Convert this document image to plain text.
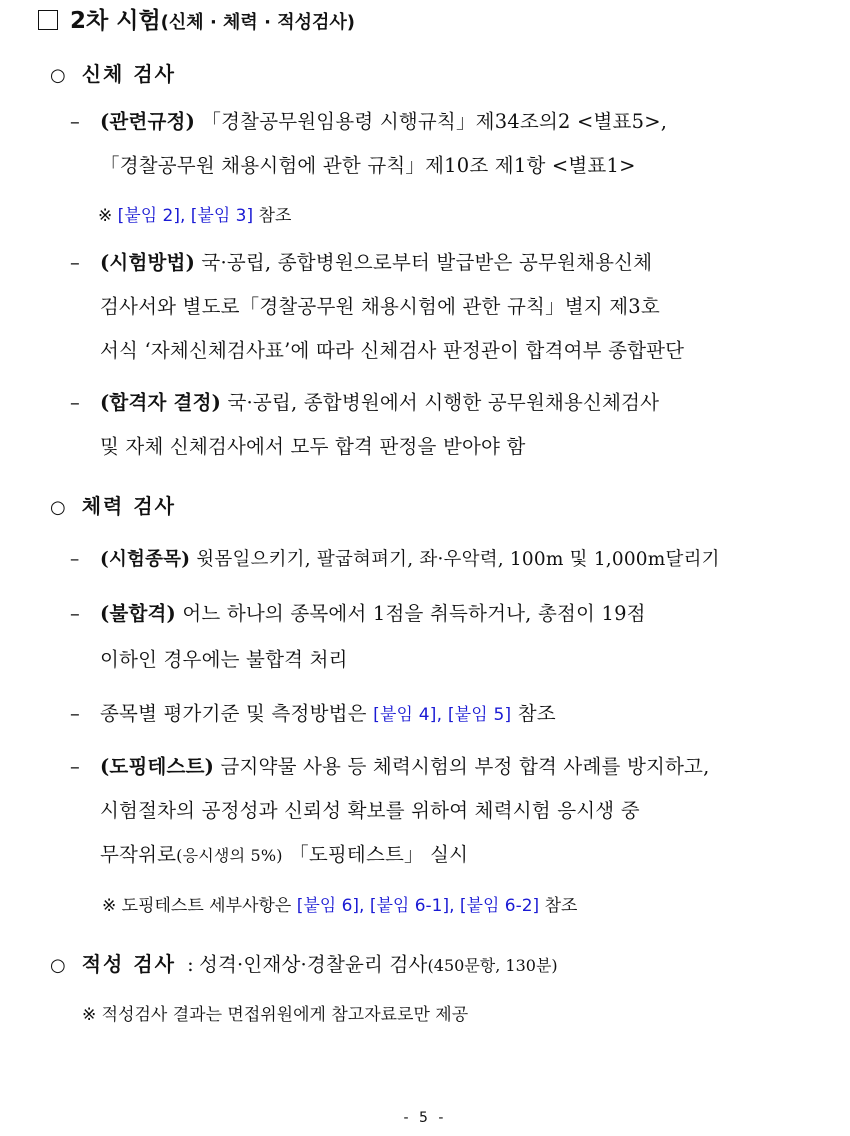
2차 시험(신체 · 체력 · 적성검사)
○ 신체 검사
– (관련규정) 「경찰공무원임용령 시행규칙」제34조의2 <별표5>,
「경찰공무원 채용시험에 관한 규칙」제10조 제1항 <별표1>
※ [붙임 2], [붙임 3] 참조
– (시험방법) 국·공립, 종합병원으로부터 발급받은 공무원채용신체
검사서와 별도로「경찰공무원 채용시험에 관한 규칙」별지 제3호
서식 ‘자체신체검사표’에 따라 신체검사 판정관이 합격여부 종합판단
– (합격자 결정) 국·공립, 종합병원에서 시행한 공무원채용신체검사
및 자체 신체검사에서 모두 합격 판정을 받아야 함
○ 체력 검사
– (시험종목) 윗몸일으키기, 팔굽혀펴기, 좌·우악력, 100m 및 1,000m달리기
– (불합격) 어느 하나의 종목에서 1점을 취득하거나, 총점이 19점
이하인 경우에는 불합격 처리
– 종목별 평가기준 및 측정방법은 [붙임 4], [붙임 5] 참조
– (도핑테스트) 금지약물 사용 등 체력시험의 부정 합격 사례를 방지하고,
시험절차의 공정성과 신뢰성 확보를 위하여 체력시험 응시생 중
무작위로(응시생의 5%) 「도핑테스트」 실시
※ 도핑테스트 세부사항은 [붙임 6], [붙임 6-1], [붙임 6-2] 참조
○ 적성 검사 : 성격·인재상·경찰윤리 검사(450문항, 130분)
※ 적성검사 결과는 면접위원에게 참고자료로만 제공
- 5 -
